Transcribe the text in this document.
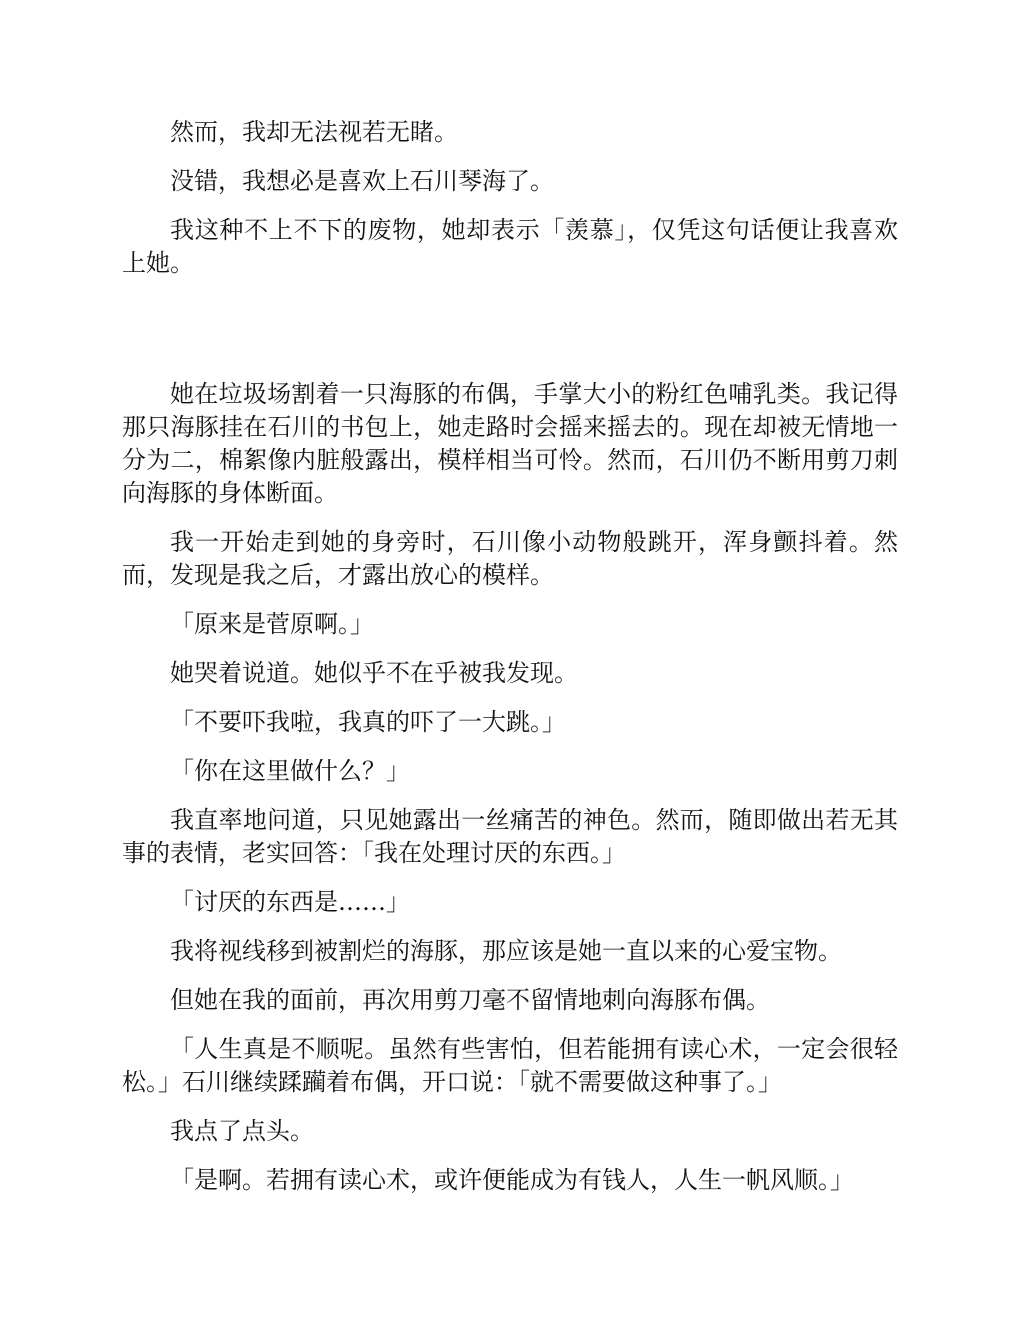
然而，我却无法视若无睹。

没错，我想必是喜欢上石川琴海了。

我这种不上不下的废物，她却表示「羡慕」，仅凭这句话便让我喜欢上她。

她在垃圾场割着一只海豚的布偶，手掌大小的粉红色哺乳类。我记得那只海豚挂在石川的书包上，她走路时会摇来摇去的。现在却被无情地一分为二，棉絮像内脏般露出，模样相当可怜。然而，石川仍不断用剪刀刺向海豚的身体断面。

我一开始走到她的身旁时，石川像小动物般跳开，浑身颤抖着。然而，发现是我之后，才露出放心的模样。

「原来是菅原啊。」

她哭着说道。她似乎不在乎被我发现。

「不要吓我啦，我真的吓了一大跳。」

「你在这里做什么？」

我直率地问道，只见她露出一丝痛苦的神色。然而，随即做出若无其事的表情，老实回答：「我在处理讨厌的东西。」

「讨厌的东西是……」

我将视线移到被割烂的海豚，那应该是她一直以来的心爱宝物。

但她在我的面前，再次用剪刀毫不留情地刺向海豚布偶。

「人生真是不顺呢。虽然有些害怕，但若能拥有读心术，一定会很轻松。」石川继续蹂躏着布偶，开口说：「就不需要做这种事了。」

我点了点头。

「是啊。若拥有读心术，或许便能成为有钱人，人生一帆风顺。」
